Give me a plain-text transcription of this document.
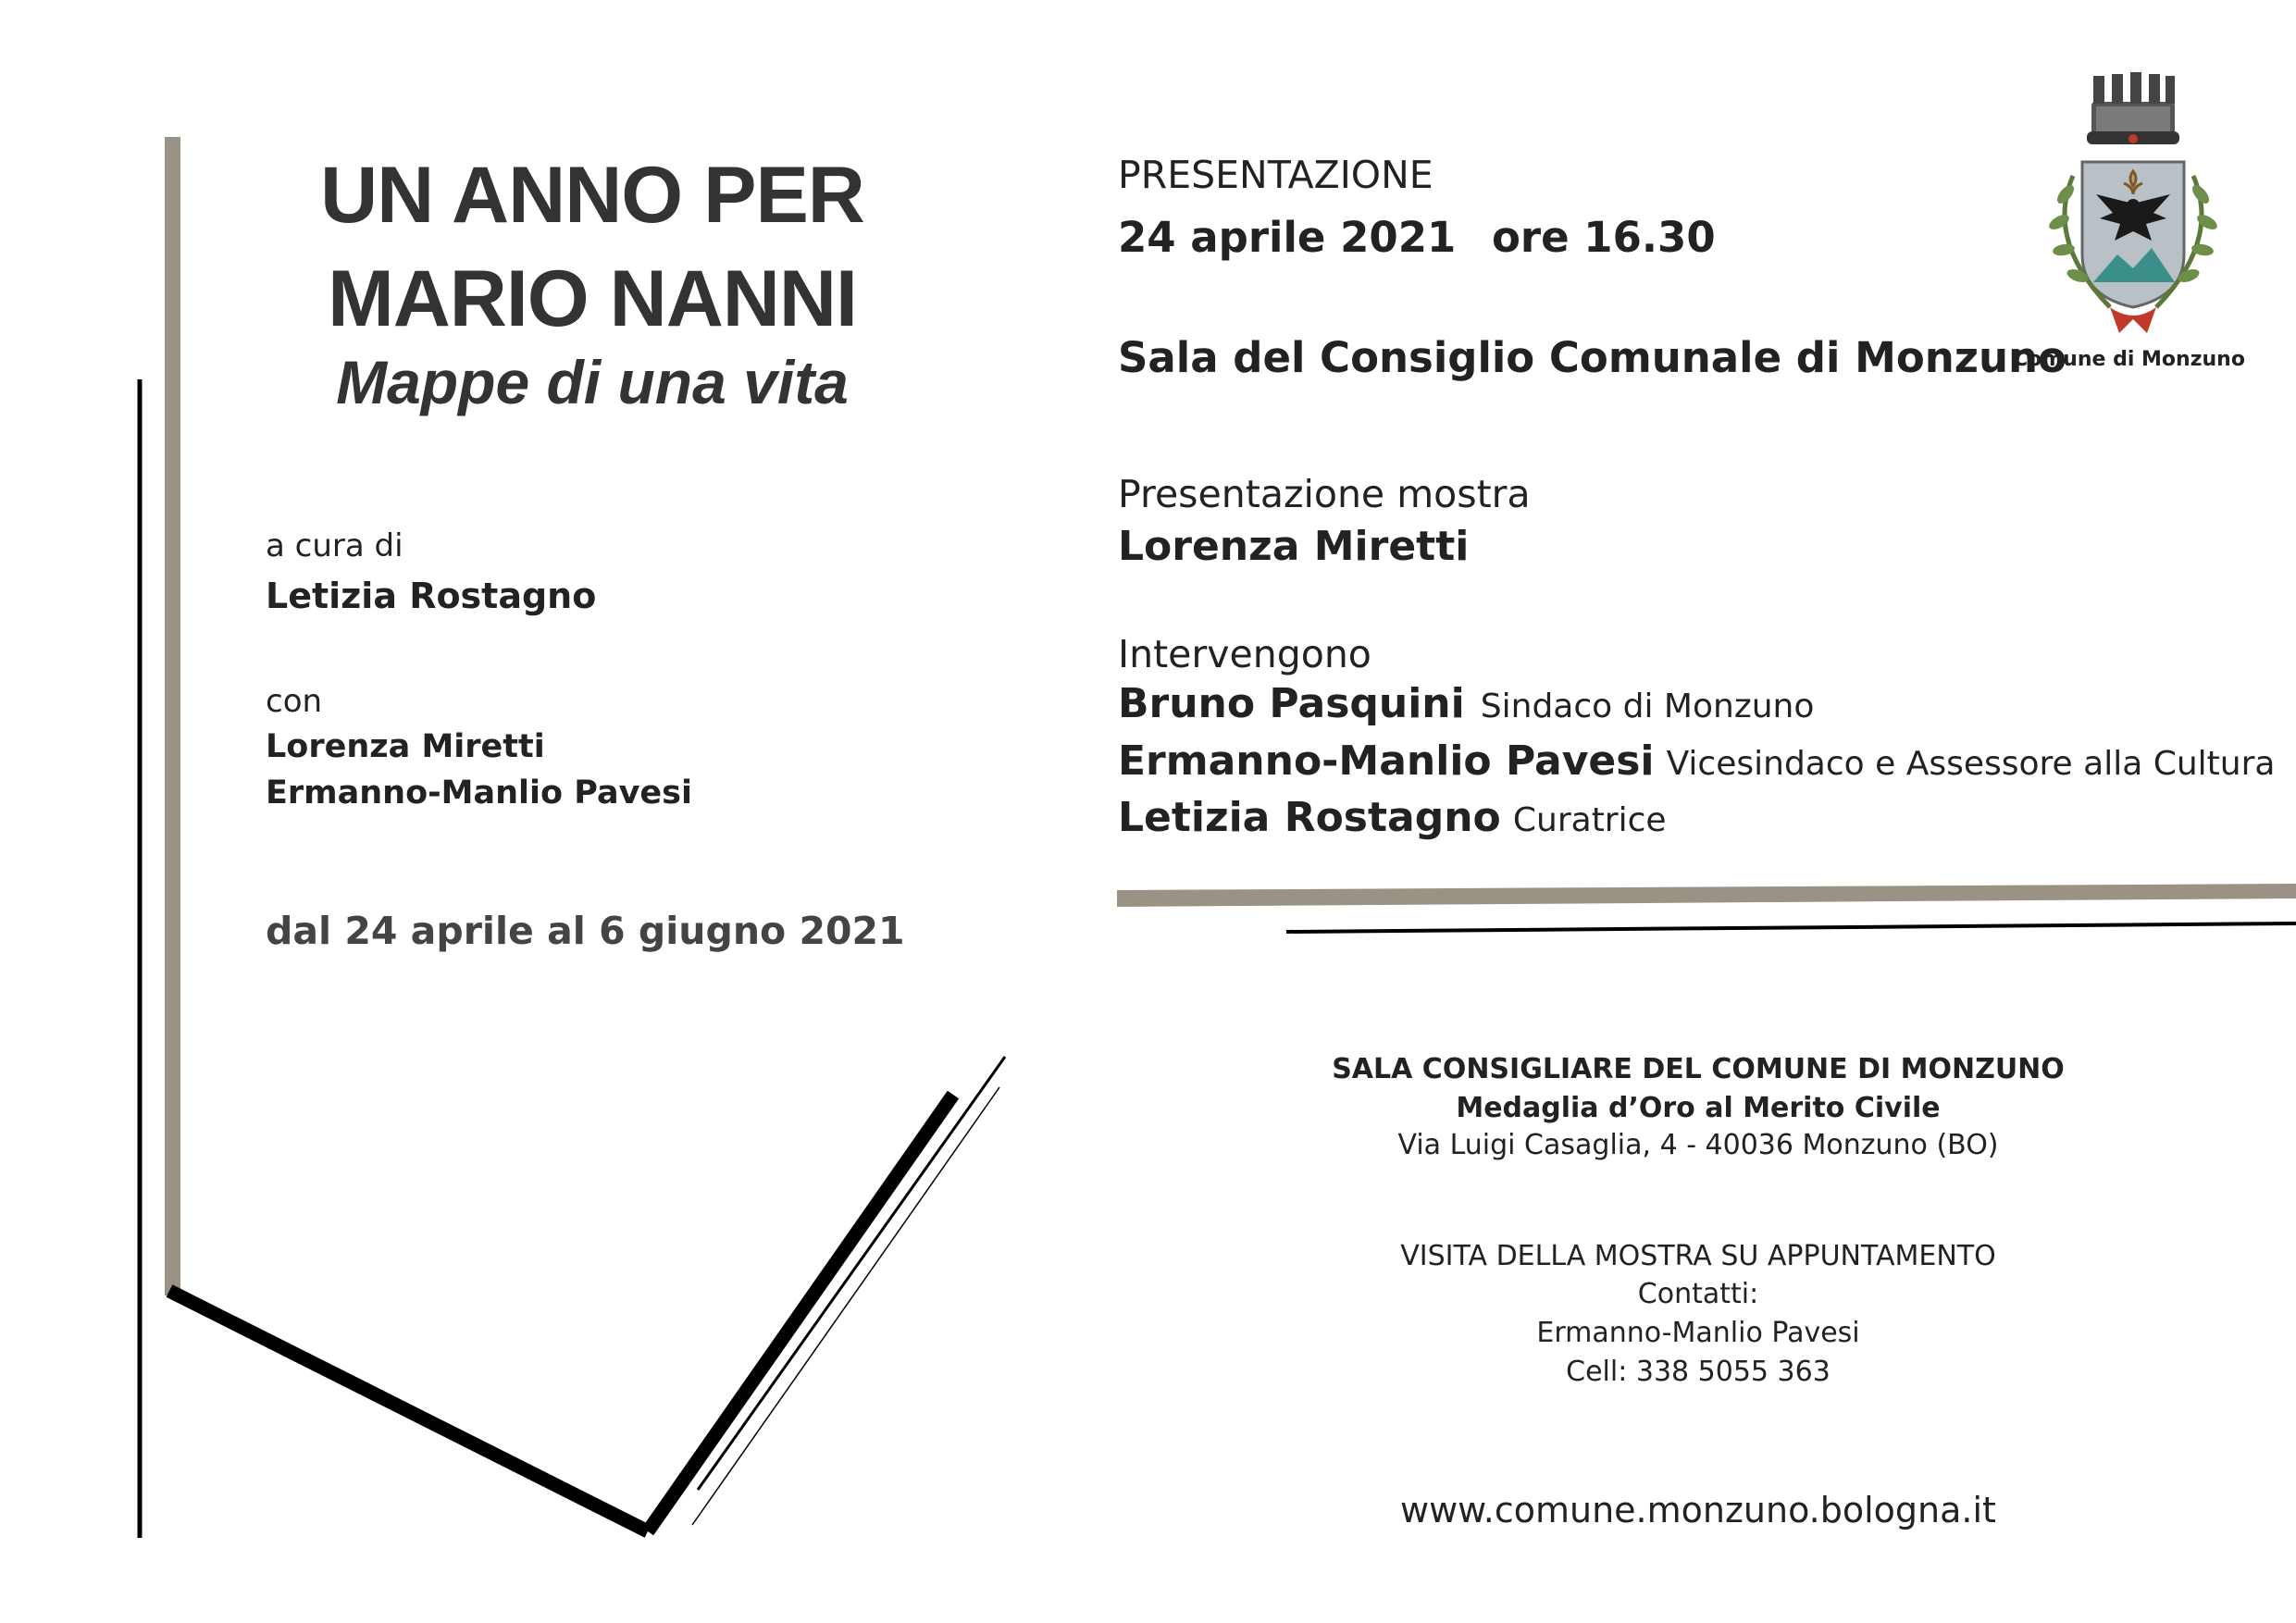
UN ANNO PER
MARIO NANNI
Mappe di una vita
a cura di
Letizia Rostagno
con
Lorenza Miretti
Ermanno-Manlio Pavesi
dal 24 aprile al 6 giugno 2021
PRESENTAZIONE
24 aprile 2021 ore 16.30
Sala del Consiglio Comunale di Monzuno
Presentazione mostra
Lorenza Miretti
Intervengono
Bruno Pasquini Sindaco di Monzuno
Ermanno-Manlio Pavesi Vicesindaco e Assessore alla Cultura
Letizia Rostagno Curatrice
Comune di Monzuno
SALA CONSIGLIARE DEL COMUNE DI MONZUNO
Medaglia d’Oro al Merito Civile
Via Luigi Casaglia, 4 - 40036 Monzuno (BO)
VISITA DELLA MOSTRA SU APPUNTAMENTO
Contatti:
Ermanno-Manlio Pavesi
Cell: 338 5055 363
www.comune.monzuno.bologna.it
